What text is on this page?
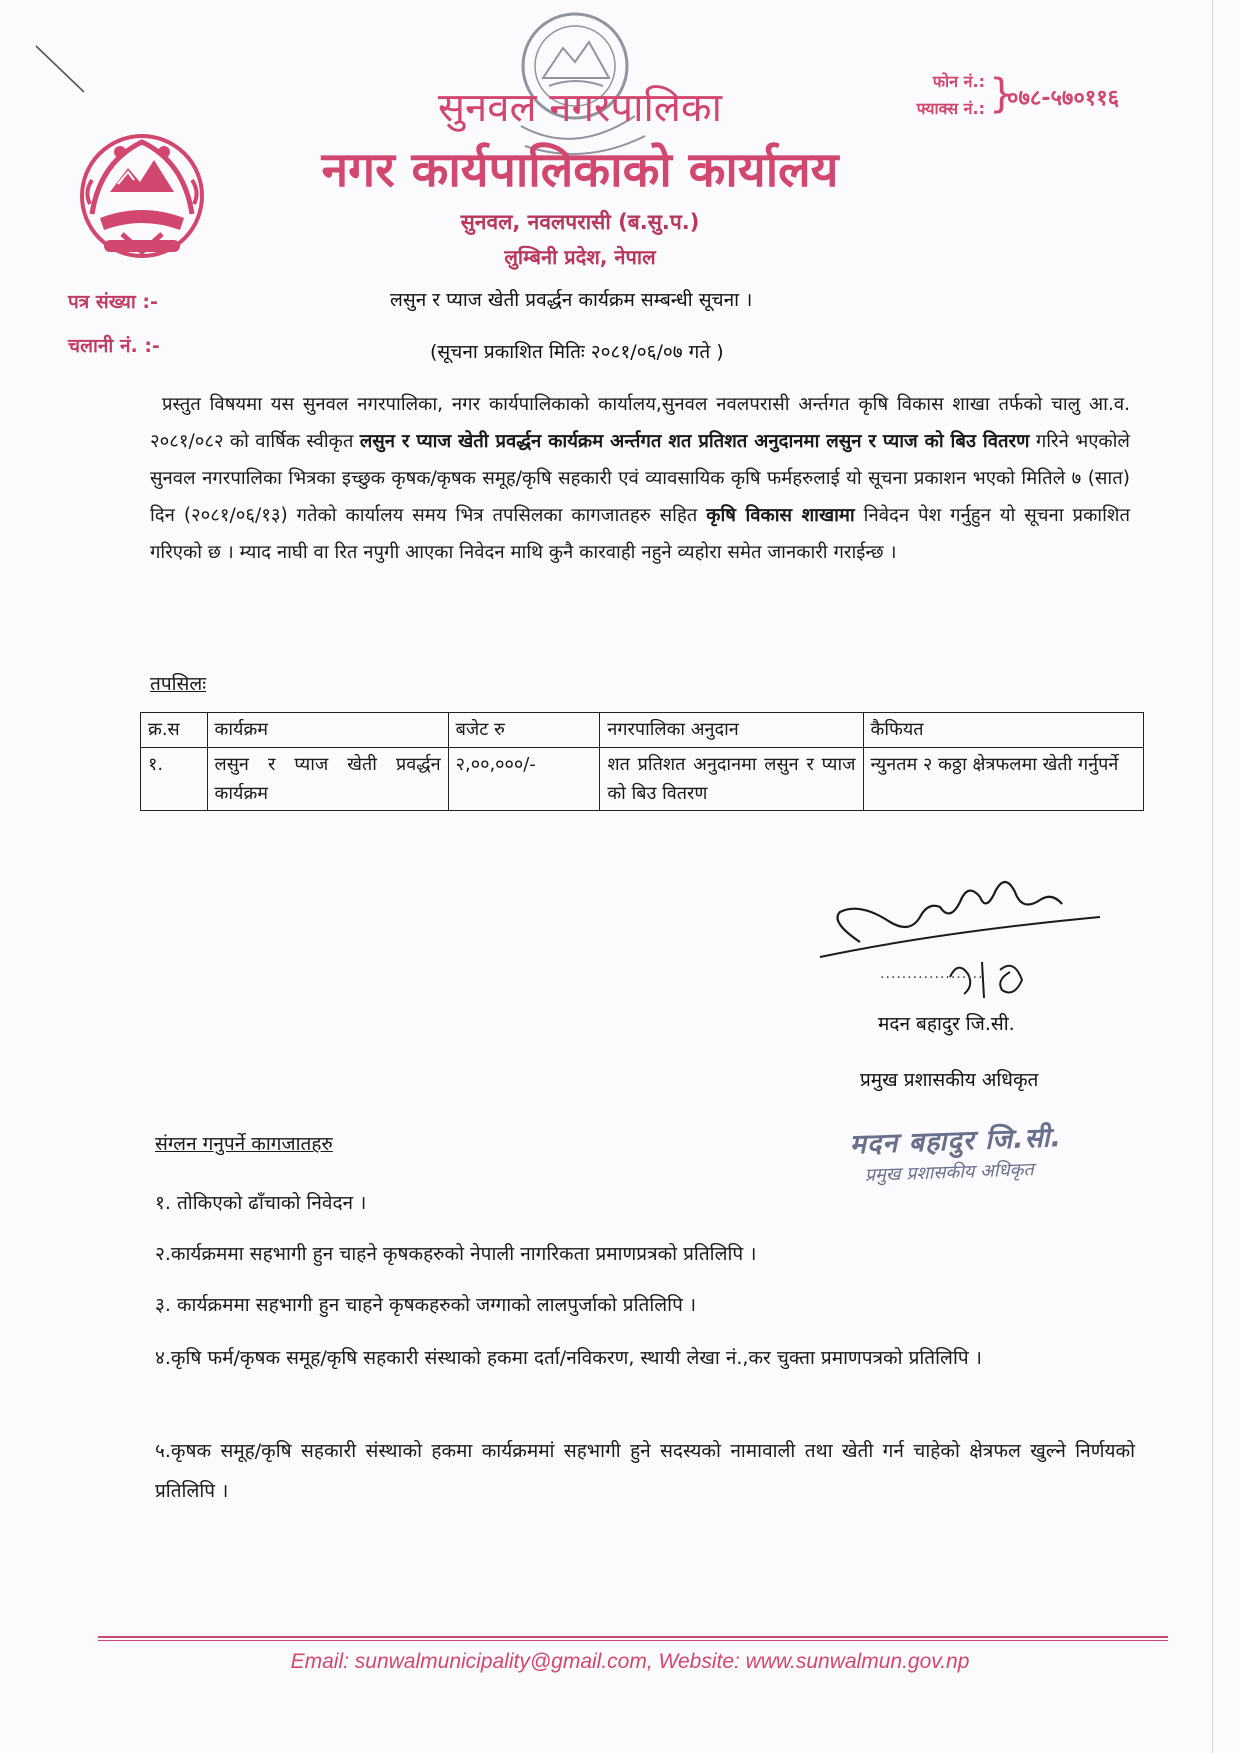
सुनवल नगरपालिका
नगर कार्यपालिकाको कार्यालय
सुनवल, नवलपरासी (ब.सु.प.)
लुम्बिनी प्रदेश, नेपाल
फोन नं.:
फ्याक्स नं.: }
०७८-५७०११६
पत्र संख्या :-
चलानी नं. :-
लसुन र प्याज खेती प्रवर्द्धन कार्यक्रम सम्बन्धी सूचना ।
(सूचना प्रकाशित मितिः २०८१/०६/०७ गते )
प्रस्तुत विषयमा यस सुनवल नगरपालिका, नगर कार्यपालिकाको कार्यालय,सुनवल नवलपरासी अर्न्तगत कृषि विकास शाखा तर्फको चालु आ.व. २०८१/०८२ को वार्षिक स्वीकृत लसुन र प्याज खेती प्रवर्द्धन कार्यक्रम अर्न्तगत शत प्रतिशत अनुदानमा लसुन र प्याज को बिउ वितरण गरिने भएकोले सुनवल नगरपालिका भित्रका इच्छुक कृषक/कृषक समूह/कृषि सहकारी एवं व्यावसायिक कृषि फर्महरुलाई यो सूचना प्रकाशन भएको मितिले ७ (सात) दिन (२०८१/०६/१३) गतेको कार्यालय समय भित्र तपसिलका कागजातहरु सहित कृषि विकास शाखामा निवेदन पेश गर्नुहुन यो सूचना प्रकाशित गरिएको छ । म्याद नाघी वा रित नपुगी आएका निवेदन माथि कुनै कारवाही नहुने व्यहोरा समेत जानकारी गराईन्छ ।
तपसिलः
क्र.स	कार्यक्रम	बजेट रु	नगरपालिका अनुदान	कैफियत
१.	लसुन र प्याज खेती प्रवर्द्धन कार्यक्रम	२,००,०००/-	शत प्रतिशत अनुदानमा लसुन र प्याज को बिउ वितरण	न्युनतम २ कठ्ठा क्षेत्रफलमा खेती गर्नुपर्ने
...................
मदन बहादुर जि.सी.
प्रमुख प्रशासकीय अधिकृत
मदन बहादुर जि.सी.
प्रमुख प्रशासकीय अधिकृत
संग्लन गनुपर्ने कागजातहरु
१. तोकिएको ढाँचाको निवेदन ।
२.कार्यक्रममा सहभागी हुन चाहने कृषकहरुको नेपाली नागरिकता प्रमाणप्रत्रको प्रतिलिपि ।
३. कार्यक्रममा सहभागी हुन चाहने कृषकहरुको जग्गाको लालपुर्जाको प्रतिलिपि ।
४.कृषि फर्म/कृषक समूह/कृषि सहकारी संस्थाको हकमा दर्ता/नविकरण, स्थायी लेखा नं.,कर चुक्ता प्रमाणपत्रको प्रतिलिपि ।
५.कृषक समूह/कृषि सहकारी संस्थाको हकमा कार्यक्रममां सहभागी हुने सदस्यको नामावाली तथा खेती गर्न चाहेको क्षेत्रफल खुल्ने निर्णयको प्रतिलिपि ।
Email: sunwalmunicipality@gmail.com, Website: www.sunwalmun.gov.np
